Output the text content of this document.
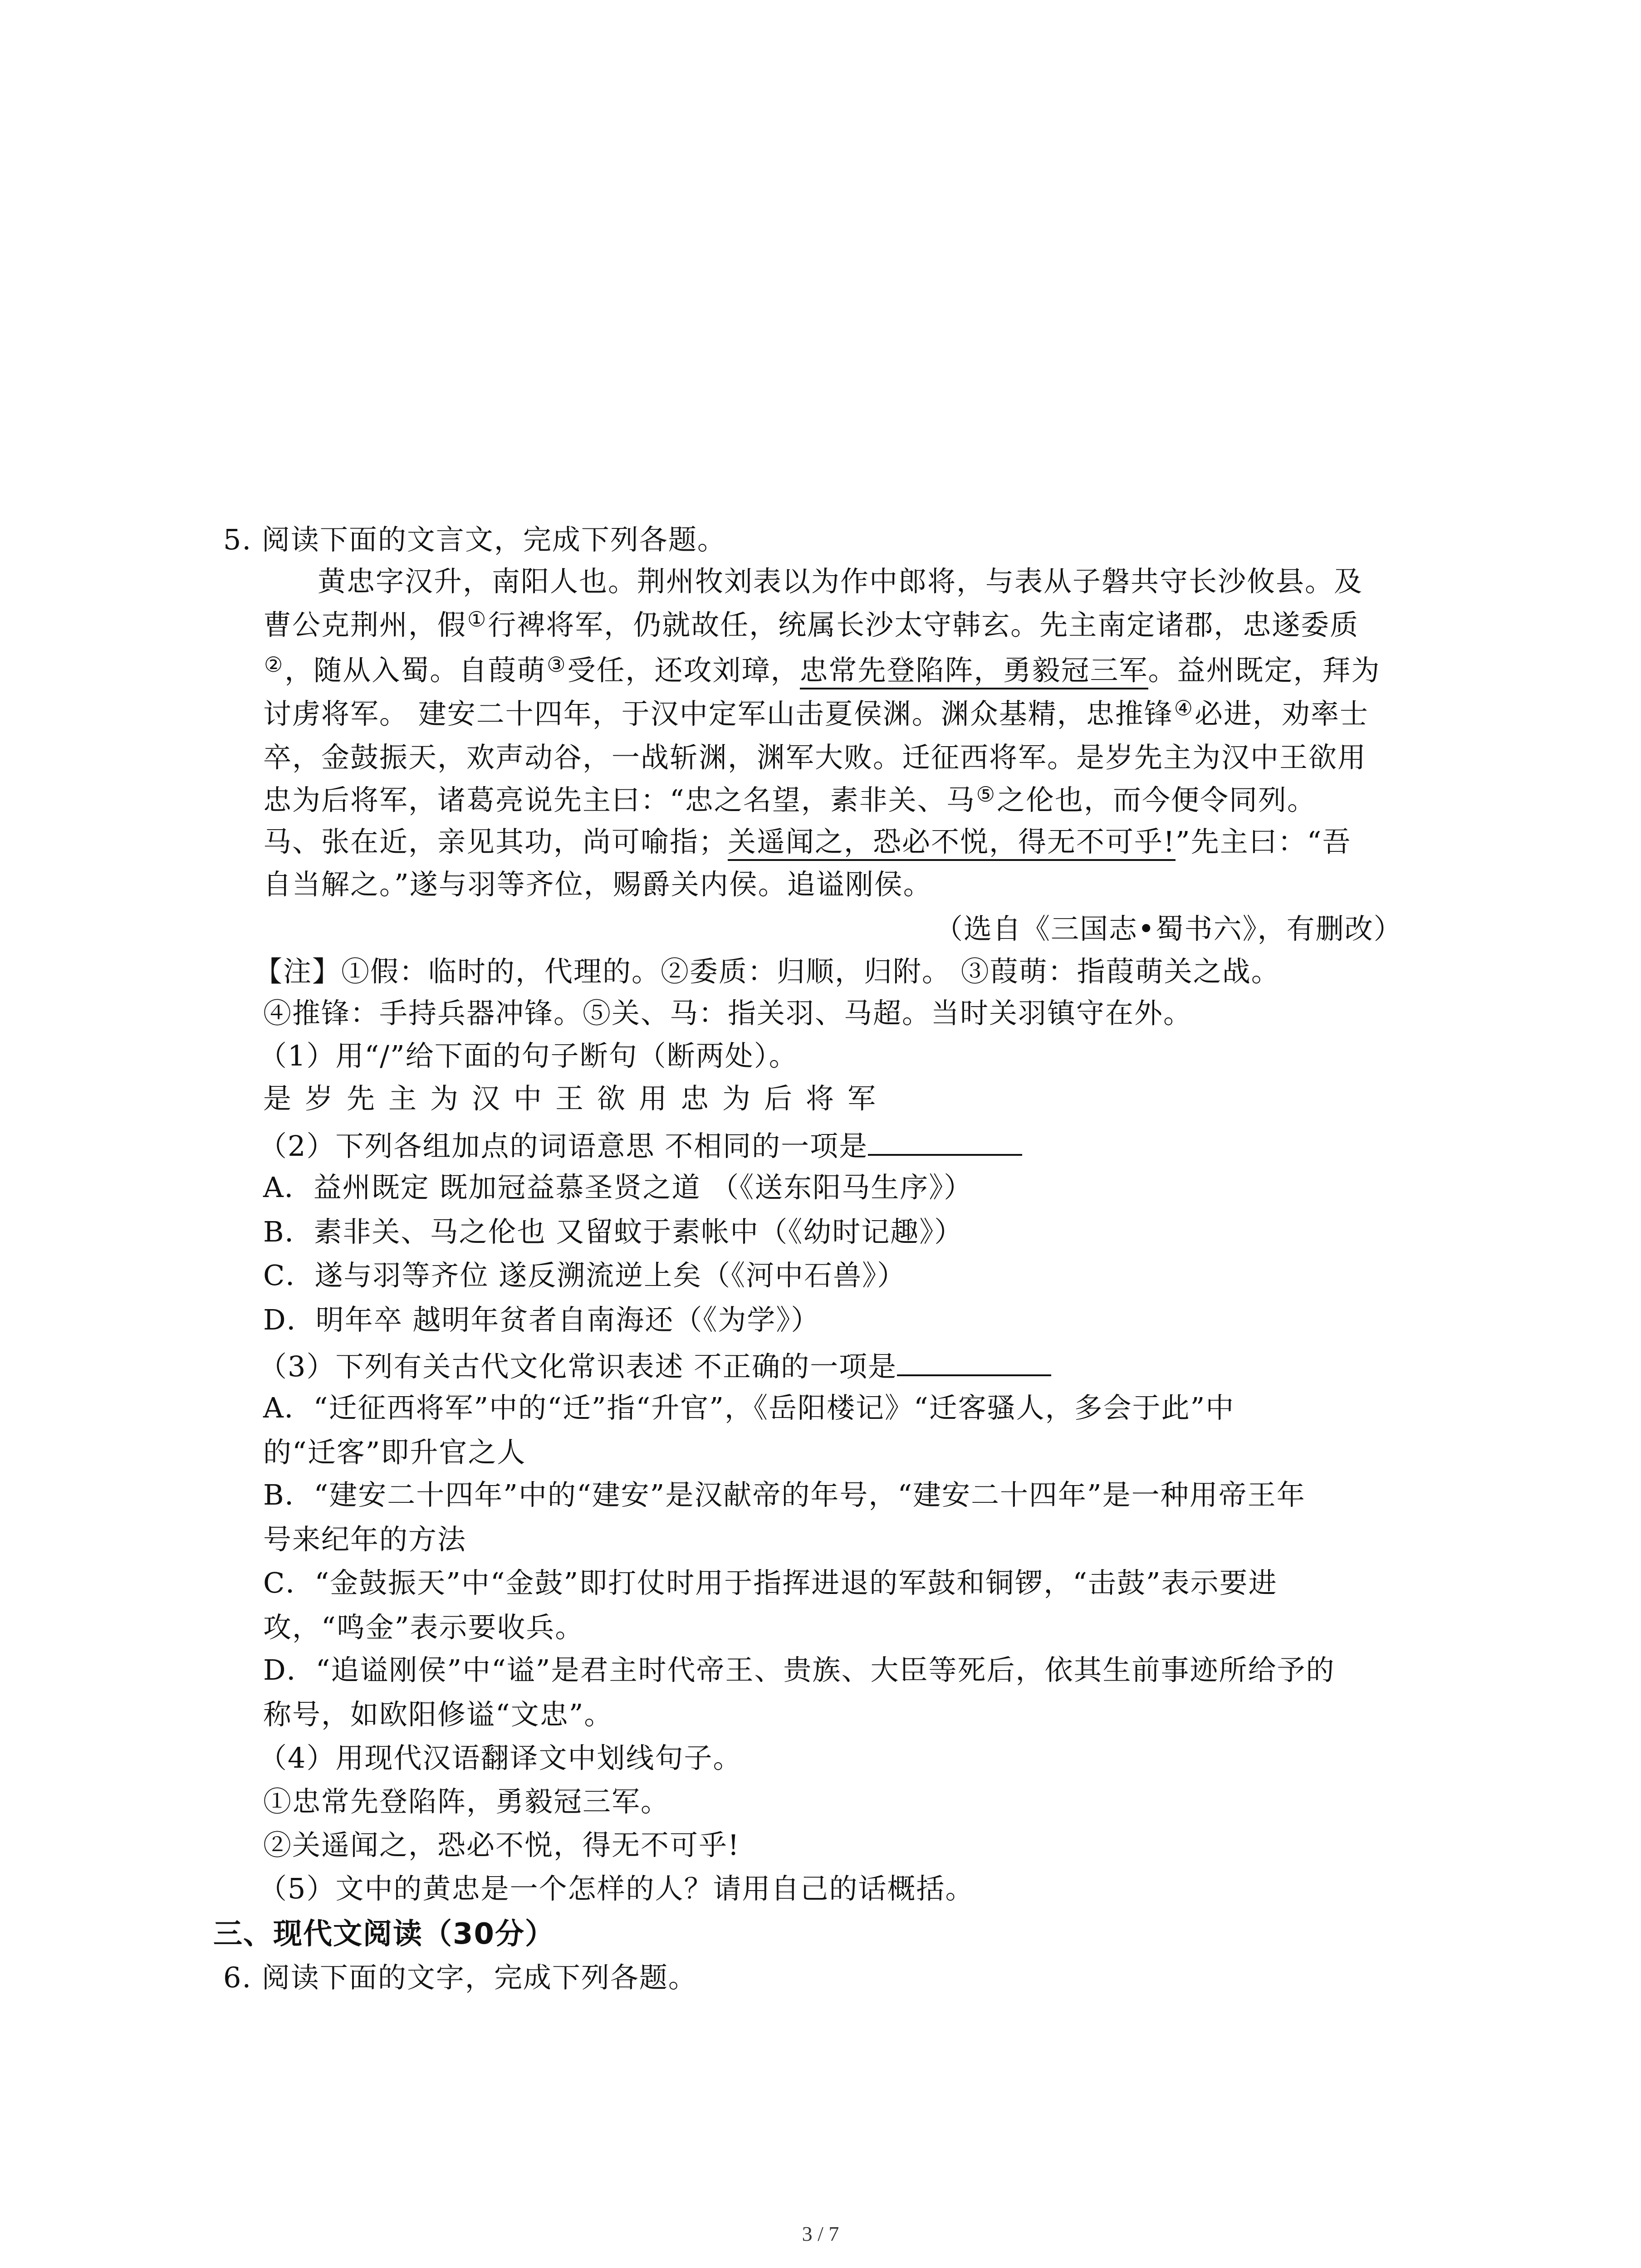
5. 阅读下面的文言文，完成下列各题。
黄忠字汉升，南阳人也。荆州牧刘表以为作中郎将，与表从子磐共守长沙攸县。及
曹公克荆州，假①行裨将军，仍就故任，统属长沙太守韩玄。先主南定诸郡，忠遂委质
②，随从入蜀。自葭萌③受任，还攻刘璋，忠常先登陷阵，勇毅冠三军。益州既定，拜为
讨虏将军。 建安二十四年，于汉中定军山击夏侯渊。渊众基精，忠推锋④必进，劝率士
卒，金鼓振天，欢声动谷，一战斩渊，渊军大败。迁征西将军。是岁先主为汉中王欲用
忠为后将军，诸葛亮说先主曰：“忠之名望，素非关、马⑤之伦也，而今便令同列。
马、张在近，亲见其功，尚可喻指；关遥闻之，恐必不悦，得无不可乎!”先主曰：“吾
自当解之。”遂与羽等齐位，赐爵关内侯。追谥刚侯。
（选自《三国志•蜀书六》，有删改）
【注】①假：临时的，代理的。②委质：归顺，归附。 ③葭萌：指葭萌关之战。
④推锋：手持兵器冲锋。⑤关、马：指关羽、马超。当时关羽镇守在外。
（1）用“/”给下面的句子断句（断两处）。
是岁先主为汉中王欲用忠为后将军
（2）下列各组加点的词语意思 不相同的一项是
A．益州既定 既加冠益慕圣贤之道 （《送东阳马生序》）
B．素非关、马之伦也 又留蚊于素帐中（《幼时记趣》）
C．遂与羽等齐位 遂反溯流逆上矣（《河中石兽》）
D．明年卒 越明年贫者自南海还（《为学》）
（3）下列有关古代文化常识表述 不正确的一项是
A．“迁征西将军”中的“迁”指“升官”，《岳阳楼记》“迁客骚人，多会于此”中
的“迁客”即升官之人
B．“建安二十四年”中的“建安”是汉献帝的年号，“建安二十四年”是一种用帝王年
号来纪年的方法
C．“金鼓振天”中“金鼓”即打仗时用于指挥进退的军鼓和铜锣，“击鼓”表示要进
攻，“鸣金”表示要收兵。
D．“追谥刚侯”中“谥”是君主时代帝王、贵族、大臣等死后，依其生前事迹所给予的
称号，如欧阳修谥“文忠”。
（4）用现代汉语翻译文中划线句子。
①忠常先登陷阵，勇毅冠三军。
②关遥闻之，恐必不悦，得无不可乎!
（5）文中的黄忠是一个怎样的人？请用自己的话概括。
三、现代文阅读（30分）
6. 阅读下面的文字，完成下列各题。
3 / 7
